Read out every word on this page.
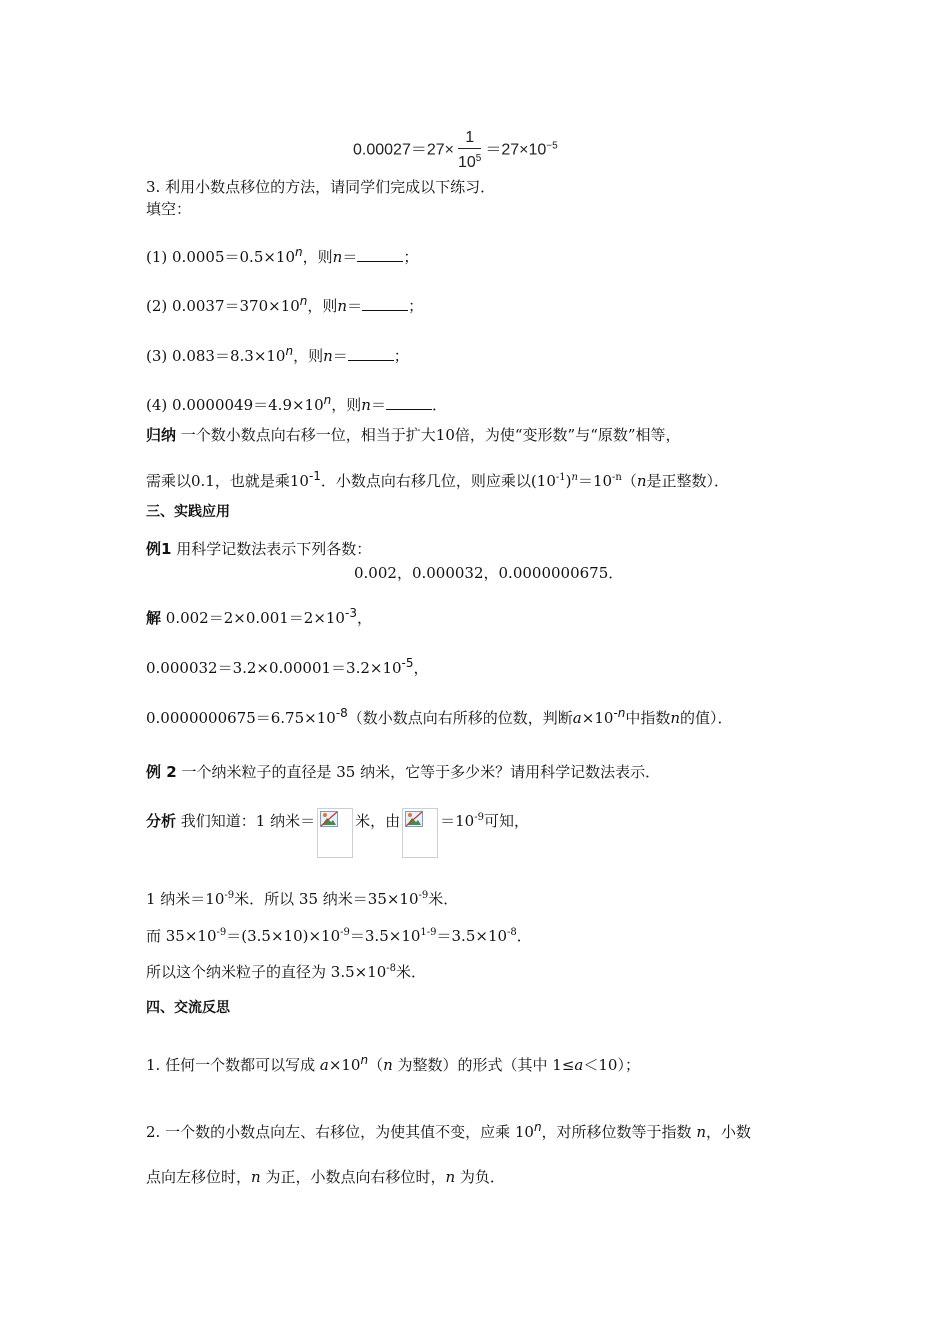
$0.00027=27\times \frac{1}{10^5} =27\times 10^{-5}$
3. 利用小数点移位的方法，请同学们完成以下练习．
填空：
(1) $0.0005=0.5\times 10^n$，则n＝	；
(2) $0.0037=370\times 10^n$，则n＝	；
(3) $0.083=8.3\times 10^n$，则n＝	；
(4) $0.0000049=4.9\times 10^n$，则n＝	．
归纳 一个数小数点向右移一位，相当于扩大10倍，为使“变形数”与“原数”相等，
需乘以0.1，也就是乘$10^{-1}$．小数点向右移几位，则应乘以$(10^{-1})^n=10^{-n}(n$是正整数）．
三、实践应用
例1 用科学记数法表示下列各数：
0.002，0.000032，0.0000000675．
解 $0.002=2\times 0.001=2\times 10^{-3}$，
$0.000032=3.2\times 0.00001=3.2\times 10^{-5}$，
$0.0000000675=6.75\times 10^{-8}$（数小数点向右所移的位数，判断$a\times 10^{-n}$中指数n的值）．
例 2 一个纳米粒子的直径是 35 纳米，它等于多少米？请用科学记数法表示．
分析 我们知道：1 纳米＝	米，由	$=10^{-9}$可知，
1 纳米$=10^{-9}$米．所以 35 纳米$=35\times 10^{-9}$米．
而 $35\times 10^{-9}=(3.5\times 10)\times 10^{-9}=3.5\times 10^{1-9}=3.5\times 10^{-8}$．
所以这个纳米粒子的直径为 $3.5\times 10^{-8}$米．
四、交流反思
1. 任何一个数都可以写成 $a\times 10^n(n$ 为整数）的形式（其中 1≤a＜10）；
2. 一个数的小数点向左、右移位，为使其值不变，应乘 10$^n$，对所移位数等于指数 n，小数
点向左移位时，n 为正，小数点向右移位时，n 为负．
